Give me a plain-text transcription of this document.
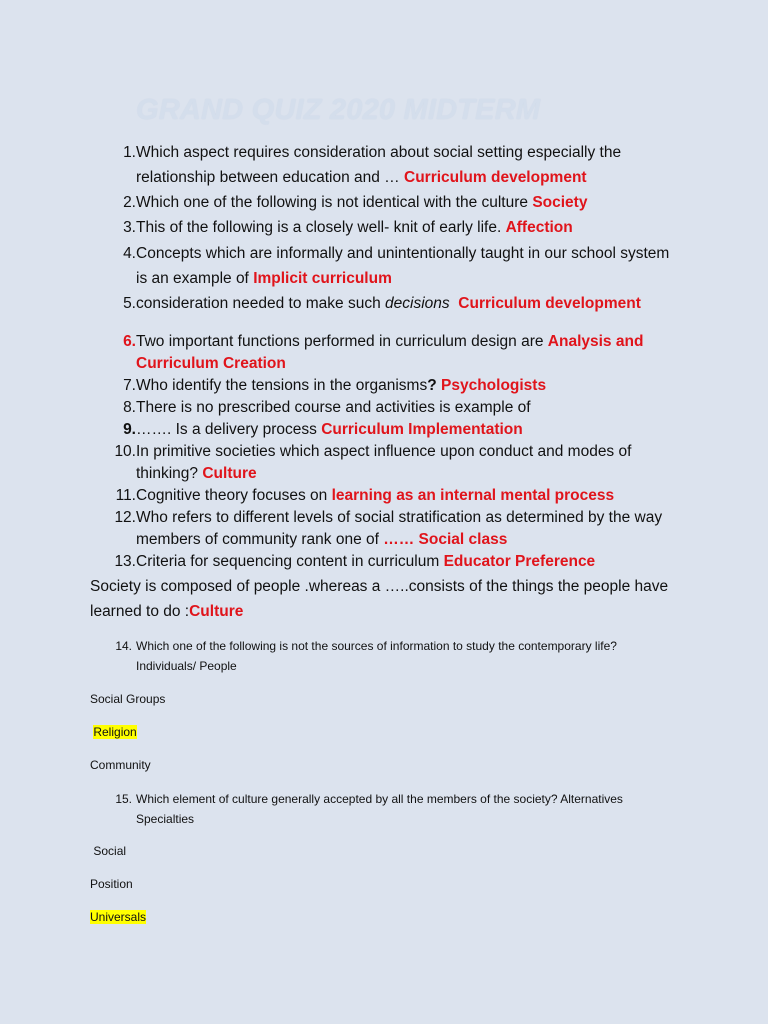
GRAND QUIZ 2020 MIDTERM
1. Which aspect requires consideration about social setting especially the relationship between education and … Curriculum development
2. Which one of the following is not identical with the culture Society
3. This of the following is a closely well- knit of early life. Affection
4. Concepts which are informally and unintentionally taught in our school system is an example of Implicit curriculum
5. consideration needed to make such decisions Curriculum development
6. Two important functions performed in curriculum design are Analysis and Curriculum Creation
7. Who identify the tensions in the organisms? Psychologists
8. There is no prescribed course and activities is example of
9. ……. Is a delivery process Curriculum Implementation
10. In primitive societies which aspect influence upon conduct and modes of thinking? Culture
11. Cognitive theory focuses on learning as an internal mental process
12. Who refers to different levels of social stratification as determined by the way members of community rank one of …… Social class
13. Criteria for sequencing content in curriculum Educator Preference
Society is composed of people .whereas a …..consists of the things the people have learned to do :Culture
14. Which one of the following is not the sources of information to study the contemporary life? Individuals/ People
Social Groups
Religion
Community
15. Which element of culture generally accepted by all the members of the society? Alternatives Specialties
Social
Position
Universals
